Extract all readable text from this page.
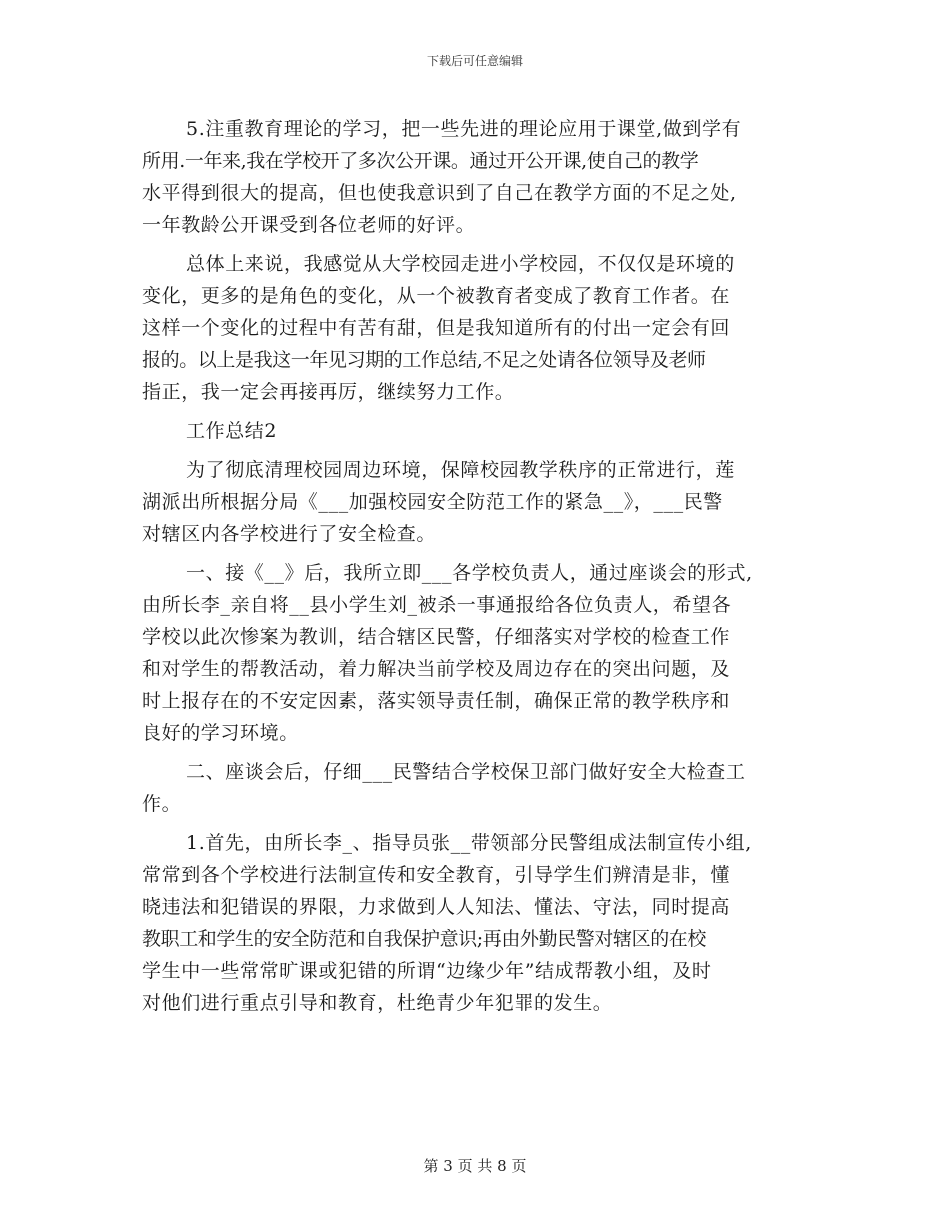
下载后可任意编辑
5.注重教育理论的学习，把一些先进的理论应用于课堂,做到学有
所用.一年来,我在学校开了多次公开课。通过开公开课,使自己的教学
水平得到很大的提高，但也使我意识到了自己在教学方面的不足之处,
一年教龄公开课受到各位老师的好评。
总体上来说，我感觉从大学校园走进小学校园，不仅仅是环境的
变化，更多的是角色的变化，从一个被教育者变成了教育工作者。在
这样一个变化的过程中有苦有甜，但是我知道所有的付出一定会有回
报的。以上是我这一年见习期的工作总结,不足之处请各位领导及老师
指正，我一定会再接再厉，继续努力工作。
工作总结2
为了彻底清理校园周边环境，保障校园教学秩序的正常进行，莲
湖派出所根据分局《___加强校园安全防范工作的紧急__》，___民警
对辖区内各学校进行了安全检查。
一、接《__》后，我所立即___各学校负责人，通过座谈会的形式,
由所长李_亲自将__县小学生刘_被杀一事通报给各位负责人，希望各
学校以此次惨案为教训，结合辖区民警，仔细落实对学校的检查工作
和对学生的帮教活动，着力解决当前学校及周边存在的突出问题，及
时上报存在的不安定因素，落实领导责任制，确保正常的教学秩序和
良好的学习环境。
二、座谈会后，仔细___民警结合学校保卫部门做好安全大检查工
作。
1.首先，由所长李_、指导员张__带领部分民警组成法制宣传小组,
常常到各个学校进行法制宣传和安全教育，引导学生们辨清是非，懂
晓违法和犯错误的界限，力求做到人人知法、懂法、守法，同时提高
教职工和学生的安全防范和自我保护意识;再由外勤民警对辖区的在校
学生中一些常常旷课或犯错的所谓“边缘少年”结成帮教小组，及时
对他们进行重点引导和教育，杜绝青少年犯罪的发生。
第 3 页 共 8 页
